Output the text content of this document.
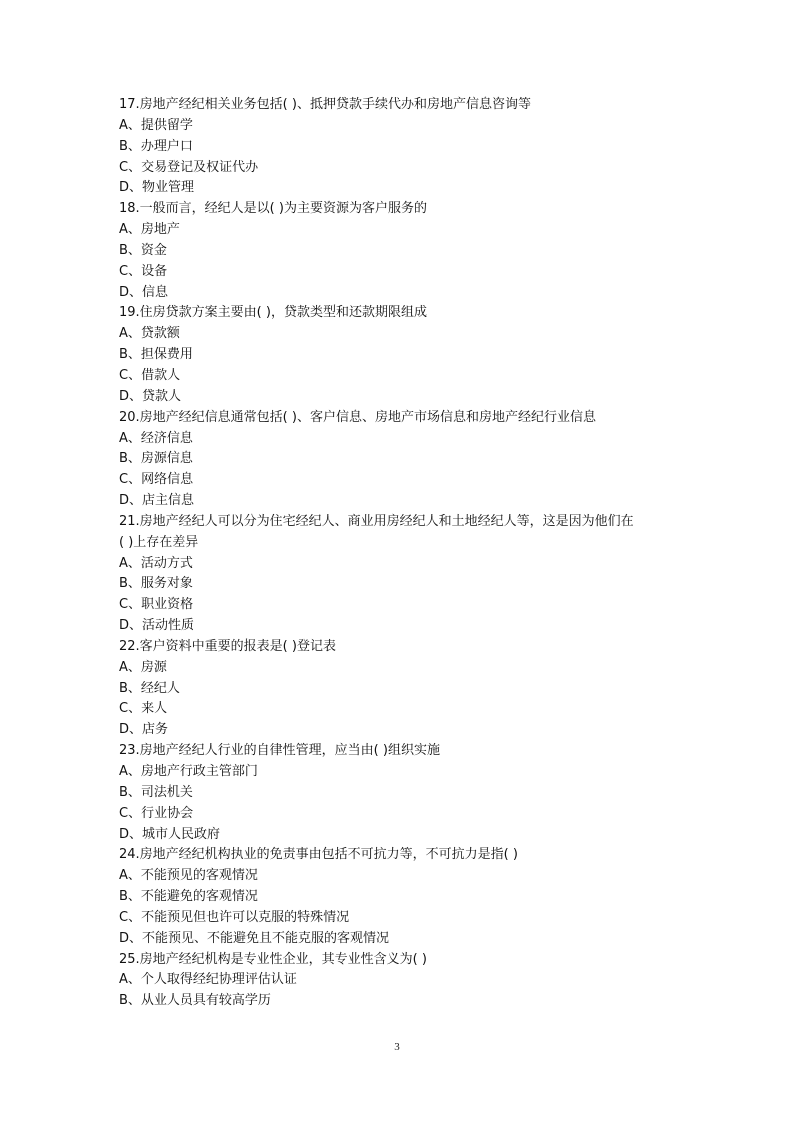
17.房地产经纪相关业务包括( )、抵押贷款手续代办和房地产信息咨询等
A、提供留学
B、办理户口
C、交易登记及权证代办
D、物业管理
18.一般而言，经纪人是以( )为主要资源为客户服务的
A、房地产
B、资金
C、设备
D、信息
19.住房贷款方案主要由( )，贷款类型和还款期限组成
A、贷款额
B、担保费用
C、借款人
D、贷款人
20.房地产经纪信息通常包括( )、客户信息、房地产市场信息和房地产经纪行业信息
A、经济信息
B、房源信息
C、网络信息
D、店主信息
21.房地产经纪人可以分为住宅经纪人、商业用房经纪人和土地经纪人等，这是因为他们在
( )上存在差异
A、活动方式
B、服务对象
C、职业资格
D、活动性质
22.客户资料中重要的报表是( )登记表
A、房源
B、经纪人
C、来人
D、店务
23.房地产经纪人行业的自律性管理，应当由( )组织实施
A、房地产行政主管部门
B、司法机关
C、行业协会
D、城市人民政府
24.房地产经纪机构执业的免责事由包括不可抗力等，不可抗力是指( )
A、不能预见的客观情况
B、不能避免的客观情况
C、不能预见但也许可以克服的特殊情况
D、不能预见、不能避免且不能克服的客观情况
25.房地产经纪机构是专业性企业，其专业性含义为( )
A、个人取得经纪协理评估认证
B、从业人员具有较高学历
3
